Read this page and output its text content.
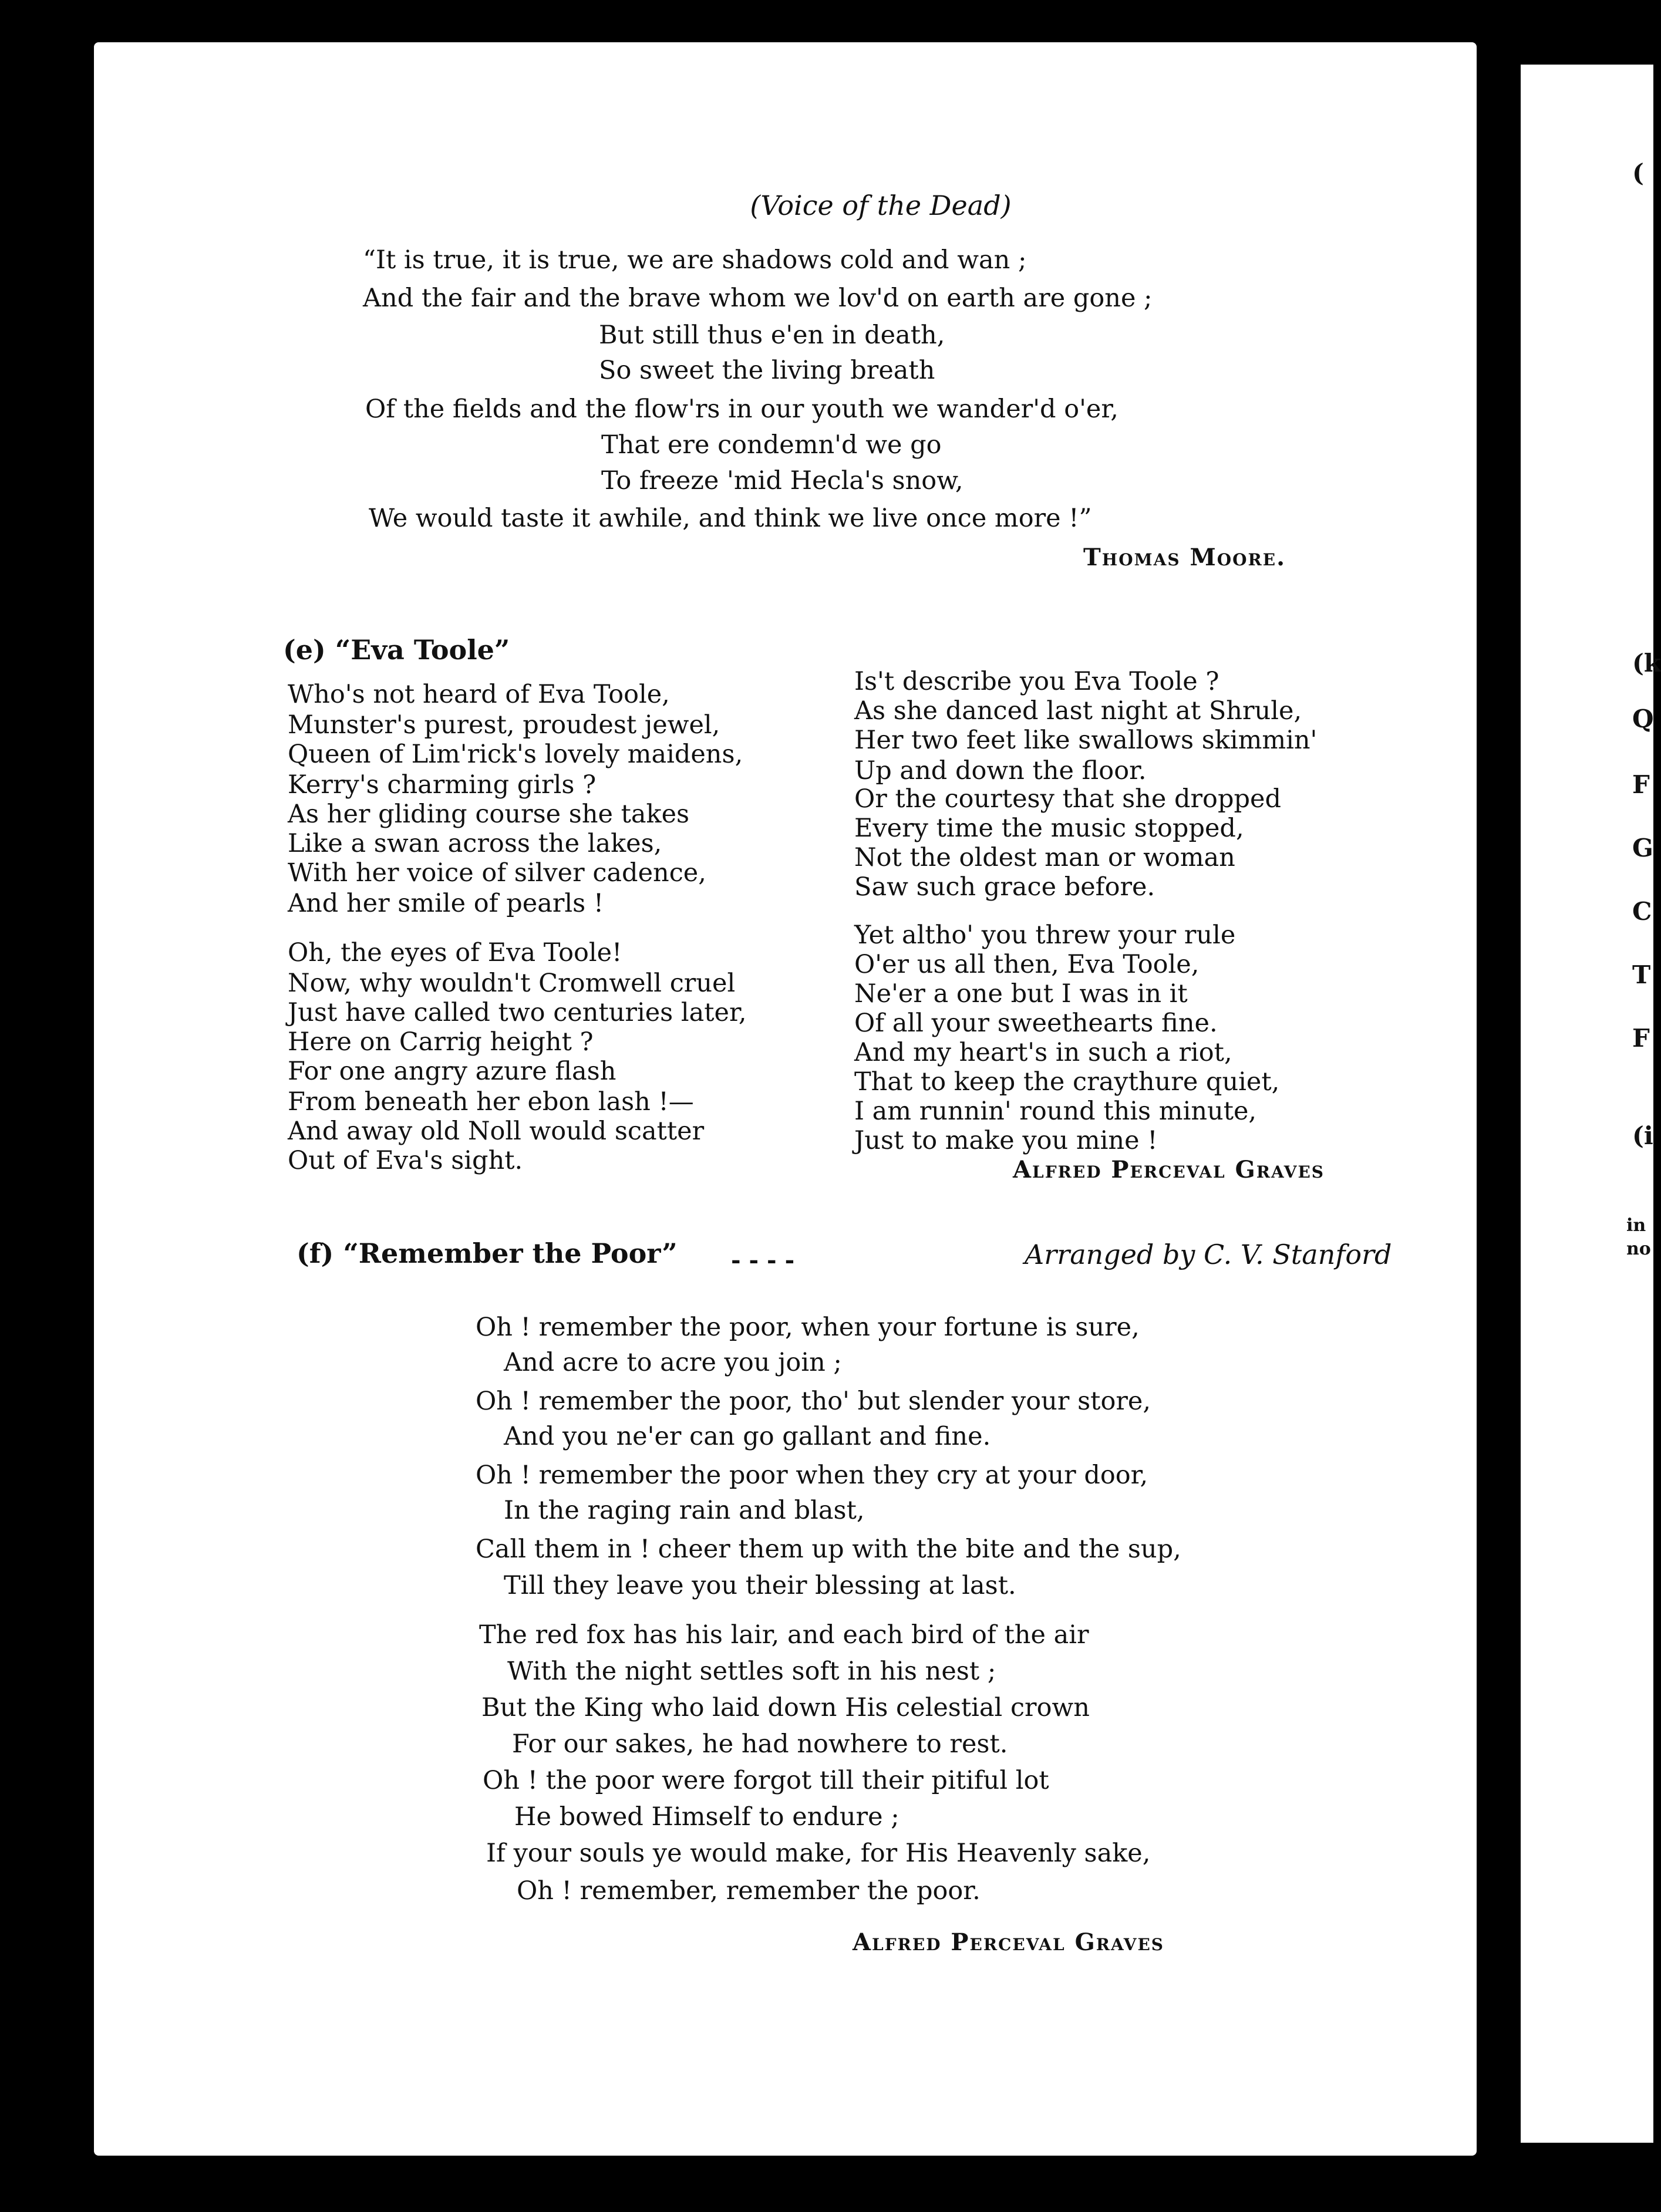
(Voice of the Dead)
“It is true, it is true, we are shadows cold and wan ;
And the fair and the brave whom we lov'd on earth are gone ;
But still thus e'en in death,
So sweet the living breath
Of the fields and the flow'rs in our youth we wander'd o'er,
That ere condemn'd we go
To freeze 'mid Hecla's snow,
We would taste it awhile, and think we live once more !”
Thomas Moore.
(e) “Eva Toole”
Who's not heard of Eva Toole,
Munster's purest, proudest jewel,
Queen of Lim'rick's lovely maidens,
Kerry's charming girls ?
As her gliding course she takes
Like a swan across the lakes,
With her voice of silver cadence,
And her smile of pearls !
Oh, the eyes of Eva Toole!
Now, why wouldn't Cromwell cruel
Just have called two centuries later,
Here on Carrig height ?
For one angry azure flash
From beneath her ebon lash !—
And away old Noll would scatter
Out of Eva's sight.
Is't describe you Eva Toole ?
As she danced last night at Shrule,
Her two feet like swallows skimmin'
Up and down the floor.
Or the courtesy that she dropped
Every time the music stopped,
Not the oldest man or woman
Saw such grace before.
Yet altho' you threw your rule
O'er us all then, Eva Toole,
Ne'er a one but I was in it
Of all your sweethearts fine.
And my heart's in such a riot,
That to keep the craythure quiet,
I am runnin' round this minute,
Just to make you mine !
Alfred Perceval Graves
(f) “Remember the Poor” - - - -	Arranged by C. V. Stanford
Oh ! remember the poor, when your fortune is sure,
And acre to acre you join ;
Oh ! remember the poor, tho' but slender your store,
And you ne'er can go gallant and fine.
Oh ! remember the poor when they cry at your door,
In the raging rain and blast,
Call them in ! cheer them up with the bite and the sup,
Till they leave you their blessing at last.
The red fox has his lair, and each bird of the air
With the night settles soft in his nest ;
But the King who laid down His celestial crown
For our sakes, he had nowhere to rest.
Oh ! the poor were forgot till their pitiful lot
He bowed Himself to endure ;
If your souls ye would make, for His Heavenly sake,
Oh ! remember, remember the poor.
Alfred Perceval Graves
(
(k
Q
F
G
C
T
F
(i
in
no
